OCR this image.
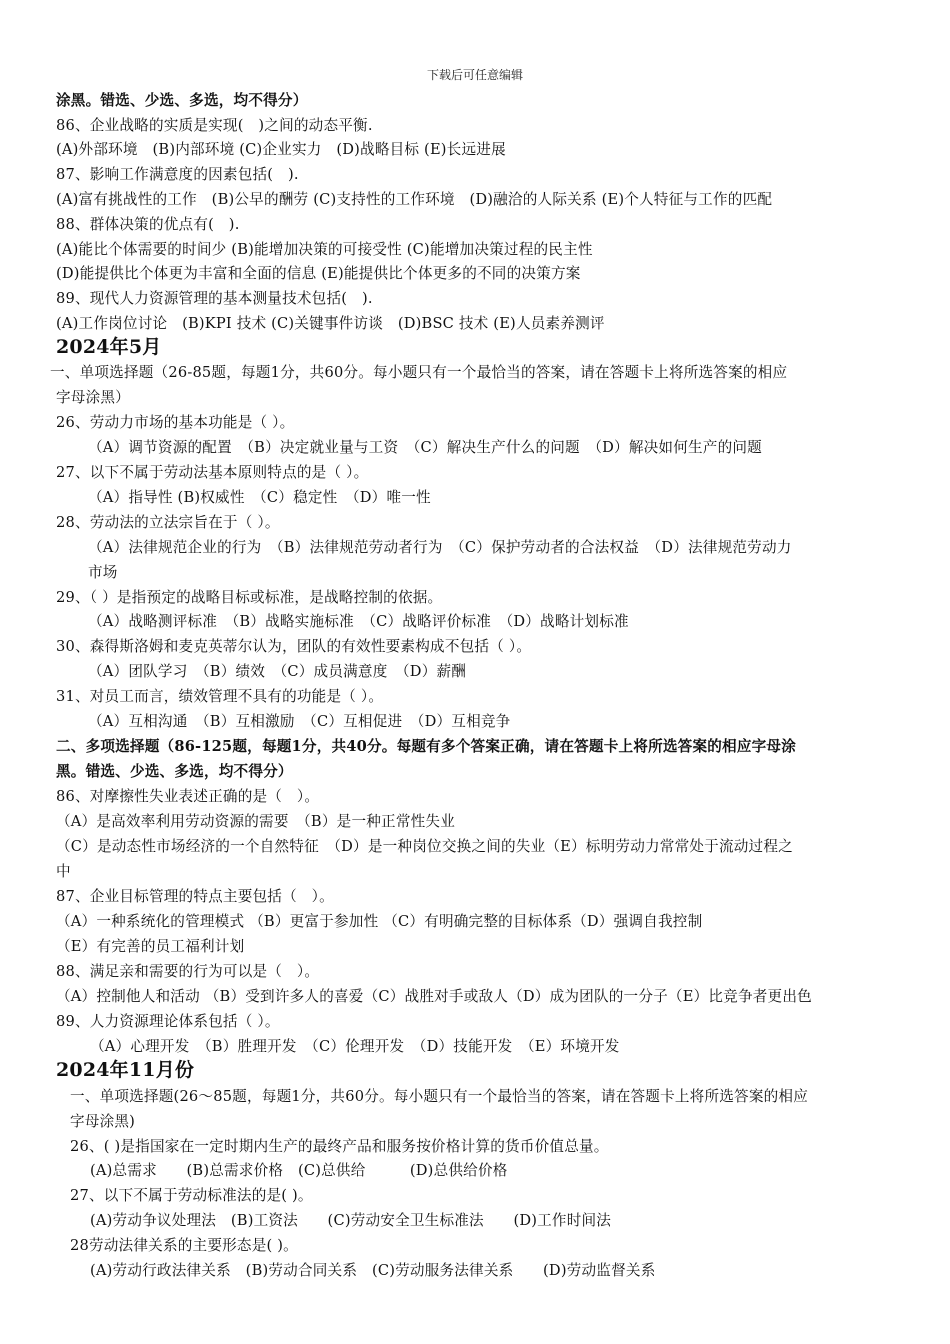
下载后可任意编辑
涂黑。错选、少选、多选，均不得分）
86、企业战略的实质是实现(　)之间的动态平衡.
(A)外部环境　(B)内部环境 (C)企业实力　(D)战略目标 (E)长远进展
87、影响工作满意度的因素包括(　).
(A)富有挑战性的工作　(B)公早的酬劳 (C)支持性的工作环境　(D)融洽的人际关系 (E)个人特征与工作的匹配
88、群体决策的优点有(　).
(A)能比个体需要的时间少 (B)能增加决策的可接受性 (C)能增加决策过程的民主性
(D)能提供比个体更为丰富和全面的信息 (E)能提供比个体更多的不同的决策方案
89、现代人力资源管理的基本测量技术包括(　).
(A)工作岗位讨论　(B)KPI 技术 (C)关键事件访谈　(D)BSC 技术 (E)人员素养测评
2024年5月
一、单项选择题（26-85题，每题1分，共60分。每小题只有一个最恰当的答案，请在答题卡上将所选答案的相应
字母涂黑）
26、劳动力市场的基本功能是（ ）。
（A）调节资源的配置　（B）决定就业量与工资　（C）解决生产什么的问题　（D）解决如何生产的问题
27、以下不属于劳动法基本原则特点的是（ ）。
（A）指导性 (B)权威性　（C）稳定性　（D）唯一性
28、劳动法的立法宗旨在于（ ）。
（A）法律规范企业的行为　（B）法律规范劳动者行为　（C）保护劳动者的合法权益　（D）法律规范劳动力
市场
29、（ ）是指预定的战略目标或标准，是战略控制的依据。
（A）战略测评标准　（B）战略实施标准　（C）战略评价标准　（D）战略计划标准
30、森得斯洛姆和麦克英蒂尔认为，团队的有效性要素构成不包括（ ）。
（A）团队学习　（B）绩效　（C）成员满意度　（D）薪酬
31、对员工而言，绩效管理不具有的功能是（ ）。
（A）互相沟通　（B）互相激励　（C）互相促进　（D）互相竞争
二、多项选择题（86-125题，每题1分，共40分。每题有多个答案正确，请在答题卡上将所选答案的相应字母涂
黑。错选、少选、多选，均不得分）
86、对摩擦性失业表述正确的是（　）。
（A）是高效率利用劳动资源的需要　（B）是一种正常性失业
（C）是动态性市场经济的一个自然特征　（D）是一种岗位交换之间的失业（E）标明劳动力常常处于流动过程之
中
87、企业目标管理的特点主要包括（　）。
（A）一种系统化的管理模式 （B）更富于参加性 （C）有明确完整的目标体系（D）强调自我控制
（E）有完善的员工福利计划
88、满足亲和需要的行为可以是（　）。
（A）控制他人和活动 （B）受到许多人的喜爱（C）战胜对手或敌人（D）成为团队的一分子（E）比竞争者更出色
89、人力资源理论体系包括（ ）。
（A）心理开发　（B）胜理开发　（C）伦理开发　（D）技能开发　（E）环境开发
2024年11月份
一、单项选择题(26～85题，每题1分，共60分。每小题只有一个最恰当的答案，请在答题卡上将所选答案的相应
字母涂黑)
26、( )是指国家在一定时期内生产的最终产品和服务按价格计算的货币价值总量。
(A)总需求　　(B)总需求价格　(C)总供给　　　(D)总供给价格
27、以下不属于劳动标准法的是( )。
(A)劳动争议处理法　(B)工资法　　(C)劳动安全卫生标准法　　(D)工作时间法
28劳动法律关系的主要形态是( )。
(A)劳动行政法律关系　(B)劳动合同关系　(C)劳动服务法律关系　　(D)劳动监督关系
